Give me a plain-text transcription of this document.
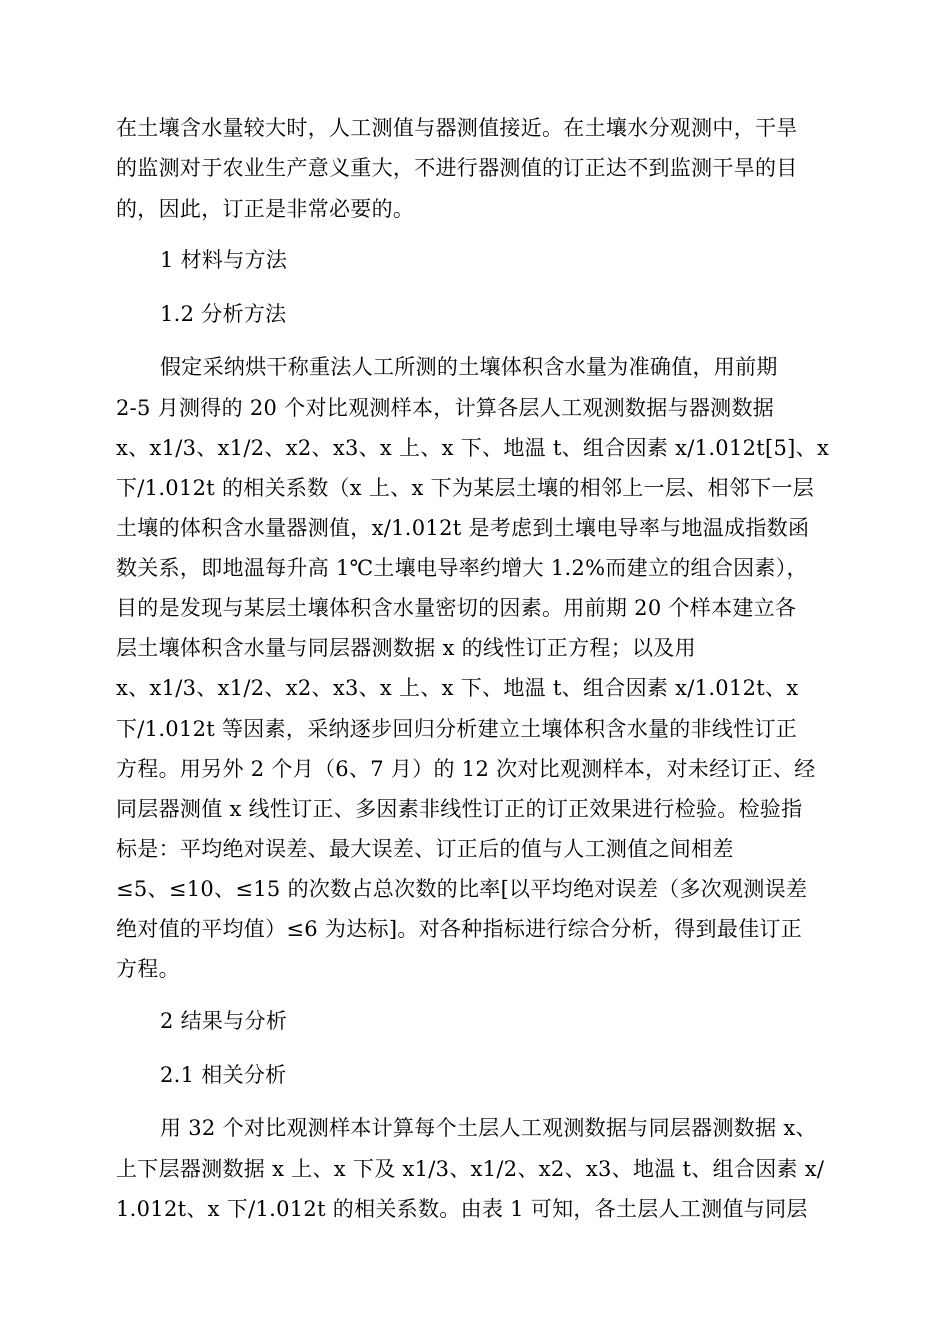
在土壤含水量较大时，人工测值与器测值接近。在土壤水分观测中，干旱
的监测对于农业生产意义重大，不进行器测值的订正达不到监测干旱的目
的，因此，订正是非常必要的。
1 材料与方法
1.2 分析方法
假定采纳烘干称重法人工所测的土壤体积含水量为准确值，用前期
2-5 月测得的 20 个对比观测样本，计算各层人工观测数据与器测数据
x、x1/3、x1/2、x2、x3、x 上、x 下、地温 t、组合因素 x/1.012t[5]、x
下/1.012t 的相关系数（x 上、x 下为某层土壤的相邻上一层、相邻下一层
土壤的体积含水量器测值，x/1.012t 是考虑到土壤电导率与地温成指数函
数关系，即地温每升高 1℃土壤电导率约增大 1.2%而建立的组合因素），
目的是发现与某层土壤体积含水量密切的因素。用前期 20 个样本建立各
层土壤体积含水量与同层器测数据 x 的线性订正方程；以及用
x、x1/3、x1/2、x2、x3、x 上、x 下、地温 t、组合因素 x/1.012t、x
下/1.012t 等因素，采纳逐步回归分析建立土壤体积含水量的非线性订正
方程。用另外 2 个月（6、7 月）的 12 次对比观测样本，对未经订正、经
同层器测值 x 线性订正、多因素非线性订正的订正效果进行检验。检验指
标是：平均绝对误差、最大误差、订正后的值与人工测值之间相差
≤5、≤10、≤15 的次数占总次数的比率[以平均绝对误差（多次观测误差
绝对值的平均值）≤6 为达标]。对各种指标进行综合分析，得到最佳订正
方程。
2 结果与分析
2.1 相关分析
用 32 个对比观测样本计算每个土层人工观测数据与同层器测数据 x、
上下层器测数据 x 上、x 下及 x1/3、x1/2、x2、x3、地温 t、组合因素 x/
1.012t、x 下/1.012t 的相关系数。由表 1 可知，各土层人工测值与同层
